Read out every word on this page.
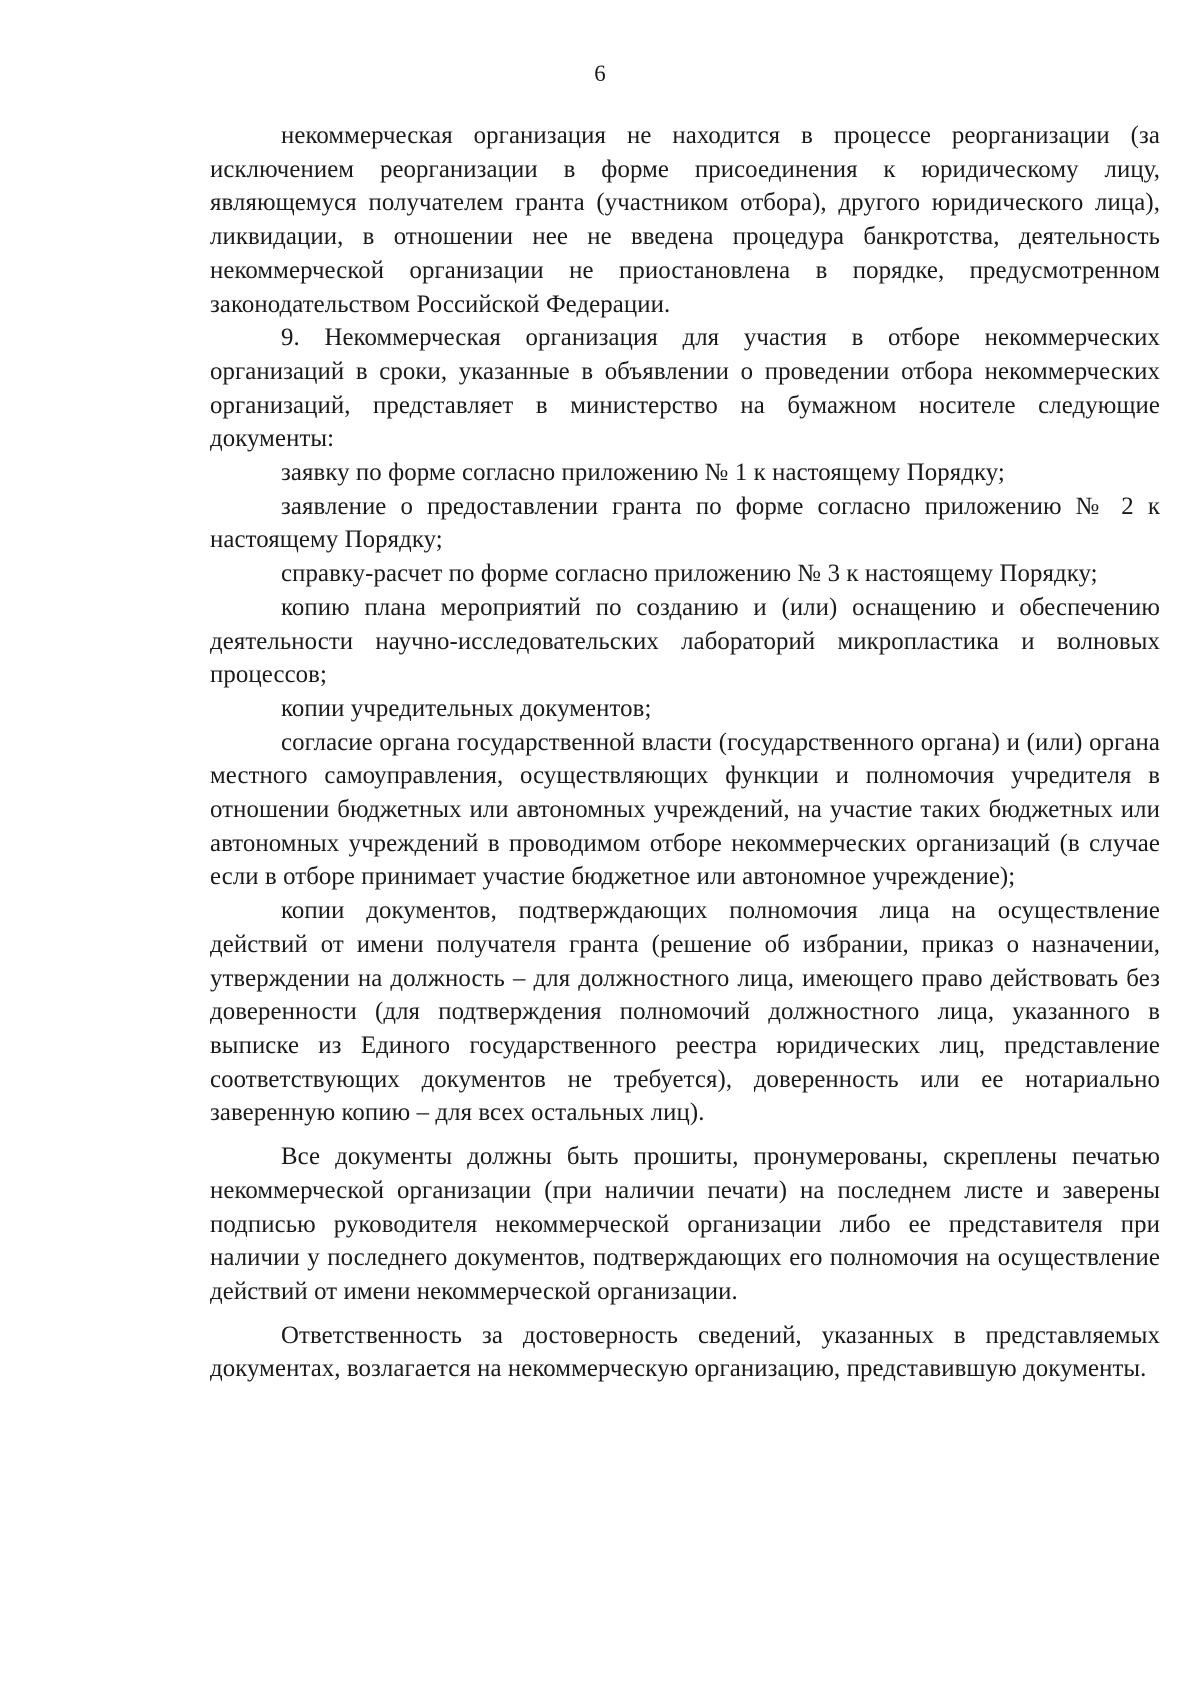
6

некоммерческая организация не находится в процессе реорганизации (за исключением реорганизации в форме присоединения к юридическому лицу, являющемуся получателем гранта (участником отбора), другого юридического лица), ликвидации, в отношении нее не введена процедура банкротства, деятельность некоммерческой организации не приостановлена в порядке, предусмотренном законодательством Российской Федерации.

9. Некоммерческая организация для участия в отборе некоммерческих организаций в сроки, указанные в объявлении о проведении отбора некоммерческих организаций, представляет в министерство на бумажном носителе следующие документы:

заявку по форме согласно приложению № 1 к настоящему Порядку;

заявление о предоставлении гранта по форме согласно приложению № 2 к настоящему Порядку;

справку-расчет по форме согласно приложению № 3 к настоящему Порядку;

копию плана мероприятий по созданию и (или) оснащению и обеспечению деятельности научно-исследовательских лабораторий микропластика и волновых процессов;

копии учредительных документов;

согласие органа государственной власти (государственного органа) и (или) органа местного самоуправления, осуществляющих функции и полномочия учредителя в отношении бюджетных или автономных учреждений, на участие таких бюджетных или автономных учреждений в проводимом отборе некоммерческих организаций (в случае если в отборе принимает участие бюджетное или автономное учреждение);

копии документов, подтверждающих полномочия лица на осуществление действий от имени получателя гранта (решение об избрании, приказ о назначении, утверждении на должность – для должностного лица, имеющего право действовать без доверенности (для подтверждения полномочий должностного лица, указанного в выписке из Единого государственного реестра юридических лиц, представление соответствующих документов не требуется), доверенность или ее нотариально заверенную копию – для всех остальных лиц).

Все документы должны быть прошиты, пронумерованы, скреплены печатью некоммерческой организации (при наличии печати) на последнем листе и заверены подписью руководителя некоммерческой организации либо ее представителя при наличии у последнего документов, подтверждающих его полномочия на осуществление действий от имени некоммерческой организации.

Ответственность за достоверность сведений, указанных в представляемых документах, возлагается на некоммерческую организацию, представившую документы.
